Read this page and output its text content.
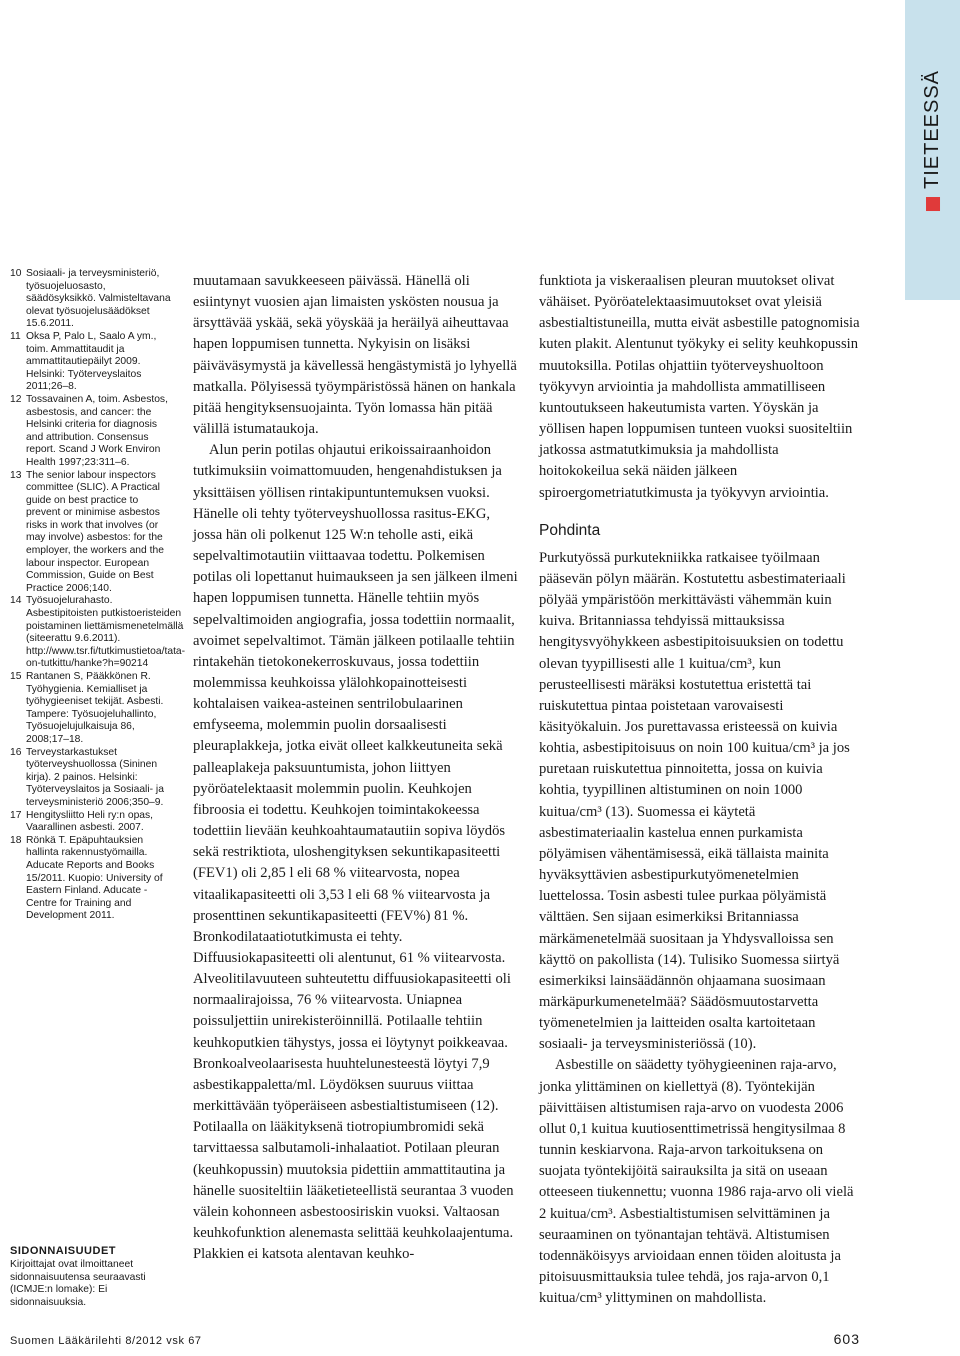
TIETEESSÄ
10 Sosiaali- ja terveysministeriö, työsuojeluosasto, säädösyksikkö. Valmisteltavana olevat työsuojelusäädökset 15.6.2011.
11 Oksa P, Palo L, Saalo A ym., toim. Ammattitaudit ja ammattitautiepäilyt 2009. Helsinki: Työterveyslaitos 2011;26–8.
12 Tossavainen A, toim. Asbestos, asbestosis, and cancer: the Helsinki criteria for diagnosis and attribution. Consensus report. Scand J Work Environ Health 1997;23:311–6.
13 The senior labour inspectors committee (SLIC). A Practical guide on best practice to prevent or minimise asbestos risks in work that involves (or may involve) asbestos: for the employer, the workers and the labour inspector. European Commission, Guide on Best Practice 2006;140.
14 Työsuojelurahasto. Asbestipitoisten putkistoeristeiden poistaminen liettämismenetelmällä (siteerattu 9.6.2011). http://www.tsr.fi/tutkimustietoa/tata-on-tutkittu/hanke?h=90214
15 Rantanen S, Pääkkönen R. Työhygienia. Kemialliset ja työhygieeniset tekijät. Asbesti. Tampere: Työsuojeluhallinto, Työsuojelujulkaisuja 86, 2008;17–18.
16 Terveystarkastukset työterveyshuollossa (Sininen kirja). 2 painos. Helsinki: Työterveyslaitos ja Sosiaali- ja terveysministeriö 2006;350–9.
17 Hengitysliitto Heli ry:n opas, Vaarallinen asbesti. 2007.
18 Rönkä T. Epäpuhtauksien hallinta rakennustyömailla. Aducate Reports and Books 15/2011. Kuopio: University of Eastern Finland. Aducate - Centre for Training and Development 2011.
SIDONNAISUUDET
Kirjoittajat ovat ilmoittaneet sidonnaisuutensa seuraavasti (ICMJE:n lomake): Ei sidonnaisuuksia.

muutamaan savukkeeseen päivässä. Hänellä oli esiintynyt vuosien ajan limaisten yskösten nousua ja ärsyttävää yskää, sekä yöyskää ja heräilyä aiheuttavaa hapen loppumisen tunnetta. Nykyisin on lisäksi päiväväsymystä ja kävellessä hengästymistä jo lyhyellä matkalla. Pölyisessä työympäristössä hänen on hankala pitää hengityksensuojainta. Työn lomassa hän pitää välillä istumataukoja.

Alun perin potilas ohjautui erikoissairaanhoidon tutkimuksiin voimattomuuden, hengenahdistuksen ja yksittäisen yöllisen rintakipuntuntemuksen vuoksi. Hänelle oli tehty työterveyshuollossa rasitus-EKG, jossa hän oli polkenut 125 W:n teholle asti, eikä sepelvaltimotautiin viittaavaa todettu. Polkemisen potilas oli lopettanut huimaukseen ja sen jälkeen ilmeni hapen loppumisen tunnetta. Hänelle tehtiin myös sepelvaltimoiden angiografia, jossa todettiin normaalit, avoimet sepelvaltimot. Tämän jälkeen potilaalle tehtiin rintakehän tietokonekerroskuvaus, jossa todettiin molemmissa keuhkoissa ylälohkopainotteisesti kohtalaisen vaikea-asteinen sentrilobulaarinen emfyseema, molemmin puolin dorsaalisesti pleuraplakkeja, jotka eivät olleet kalkkeutuneita sekä palleaplakeja paksuuntumista, johon liittyen pyöröatelektaasit molemmin puolin. Keuhkojen fibroosia ei todettu. Keuhkojen toimintakokeessa todettiin lievään keuhkoahtaumatautiin sopiva löydös sekä restriktiota, uloshengityksen sekuntikapasiteetti (FEV1) oli 2,85 l eli 68 % viitearvosta, nopea vitaalikapasiteetti oli 3,53 l eli 68 % viitearvosta ja prosenttinen sekuntikapasiteetti (FEV%) 81 %. Bronkodilataatiotutkimusta ei tehty. Diffuusiokapasiteetti oli alentunut, 61 % viitearvosta. Alveolitilavuuteen suhteutettu diffuusiokapasiteetti oli normaalirajoissa, 76 % viitearvosta. Uniapnea poissuljettiin unirekisteröinnillä. Potilaalle tehtiin keuhkoputkien tähystys, jossa ei löytynyt poikkeavaa. Bronkoalveolaarisesta huuhtelunesteestä löytyi 7,9 asbestikappaletta/ml. Löydöksen suuruus viittaa merkittävään työperäiseen asbestialtistumiseen (12). Potilaalla on lääkityksenä tiotropiumbromidi sekä tarvittaessa salbutamoli-inhalaatiot. Potilaan pleuran (keuhkopussin) muutoksia pidettiin ammattitautina ja hänelle suositeltiin lääketieteellistä seurantaa 3 vuoden välein kohonneen asbestoosiriskin vuoksi. Valtaosan keuhkofunktion alenemasta selittää keuhkolaajentuma. Plakkien ei katsota alentavan keuhko-

funktiota ja viskeraalisen pleuran muutokset olivat vähäiset. Pyöröatelektaasimuutokset ovat yleisiä asbestialtistuneilla, mutta eivät asbestille patognomisia kuten plakit. Alentunut työkyky ei selity keuhkopussin muutoksilla. Potilas ohjattiin työterveyshuoltoon työkyvyn arviointia ja mahdollista ammatilliseen kuntoutukseen hakeutumista varten. Yöyskän ja yöllisen hapen loppumisen tunteen vuoksi suositeltiin jatkossa astmatutkimuksia ja mahdollista hoitokokeilua sekä näiden jälkeen spiroergometriatutkimusta ja työkyvyn arviointia.

Pohdinta

Purkutyössä purkutekniikka ratkaisee työilmaan pääsevän pölyn määrän. Kostutettu asbestimateriaali pölyää ympäristöön merkittävästi vähemmän kuin kuiva. Britanniassa tehdyissä mittauksissa hengitysvyöhykkeen asbestipitoisuuksien on todettu olevan tyypillisesti alle 1 kuitua/cm³, kun perusteellisesti märäksi kostutettua eristettä tai ruiskutettua pintaa poistetaan varovaisesti käsityökaluin. Jos purettavassa eristeessä on kuivia kohtia, asbestipitoisuus on noin 100 kuitua/cm³ ja jos puretaan ruiskutettua pinnoitetta, jossa on kuivia kohtia, tyypillinen altistuminen on noin 1000 kuitua/cm³ (13). Suomessa ei käytetä asbestimateriaalin kastelua ennen purkamista pölyämisen vähentämisessä, eikä tällaista mainita hyväksyttävien asbestipurkutyömenetelmien luettelossa. Tosin asbesti tulee purkaa pölyämistä välttäen. Sen sijaan esimerkiksi Britanniassa märkämenetelmää suositaan ja Yhdysvalloissa sen käyttö on pakollista (14). Tulisiko Suomessa siirtyä esimerkiksi lainsäädännön ohjaamana suosimaan märkäpurkumenetelmää? Säädösmuutostarvetta työmenetelmien ja laitteiden osalta kartoitetaan sosiaali- ja terveysministeriössä (10).

Asbestille on säädetty työhygieeninen raja-arvo, jonka ylittäminen on kiellettyä (8). Työntekijän päivittäisen altistumisen raja-arvo on vuodesta 2006 ollut 0,1 kuitua kuutiosenttimetrissä hengitysilmaa 8 tunnin keskiarvona. Raja-arvon tarkoituksena on suojata työntekijöitä sairauksilta ja sitä on useaan otteeseen tiukennettu; vuonna 1986 raja-arvo oli vielä 2 kuitua/cm³. Asbestialtistumisen selvittäminen ja seuraaminen on työnantajan tehtävä. Altistumisen todennäköisyys arvioidaan ennen töiden aloitusta ja pitoisuusmittauksia tulee tehdä, jos raja-arvon 0,1 kuitua/cm³ ylittyminen on mahdollista.

Suomen Lääkärilehti 8/2012 vsk 67	603
